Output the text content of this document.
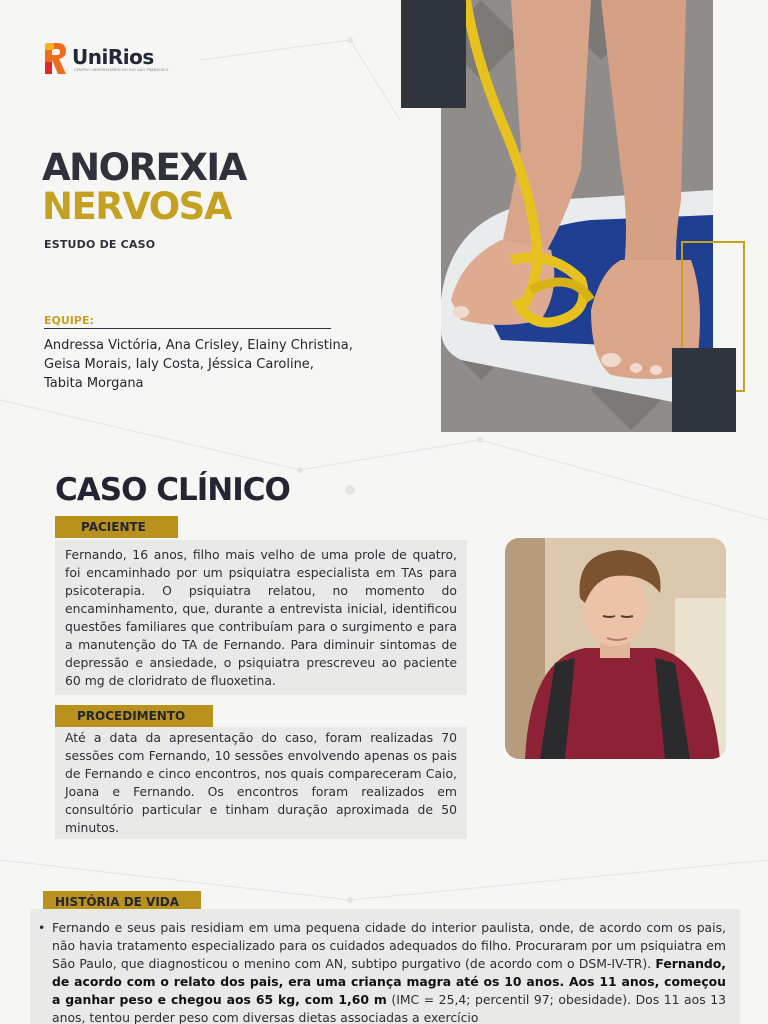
UniRios
CENTRO UNIVERSITÁRIO DO RIO SÃO FRANCISCO
ANOREXIA
NERVOSA
ESTUDO DE CASO
EQUIPE:
Andressa Victória, Ana Crisley, Elainy Christina, Geisa Morais, Ialy Costa, Jéssica Caroline, Tabita Morgana
CASO CLÍNICO
PACIENTE
Fernando, 16 anos, filho mais velho de uma prole de quatro, foi encaminhado por um psiquiatra especialista em TAs para psicoterapia. O psiquiatra relatou, no momento do encaminhamento, que, durante a entrevista inicial, identificou questões familiares que contribuíam para o surgimento e para a manutenção do TA de Fernando. Para diminuir sintomas de depressão e ansiedade, o psiquiatra prescreveu ao paciente 60 mg de cloridrato de fluoxetina.
PROCEDIMENTO
Até a data da apresentação do caso, foram realizadas 70 sessões com Fernando, 10 sessões envolvendo apenas os pais de Fernando e cinco encontros, nos quais compareceram Caio, Joana e Fernando. Os encontros foram realizados em consultório particular e tinham duração aproximada de 50 minutos.
HISTÓRIA DE VIDA
• Fernando e seus pais residiam em uma pequena cidade do interior paulista, onde, de acordo com os pais, não havia tratamento especializado para os cuidados adequados do filho. Procuraram por um psiquiatra em São Paulo, que diagnosticou o menino com AN, subtipo purgativo (de acordo com o DSM-IV-TR). Fernando, de acordo com o relato dos pais, era uma criança magra até os 10 anos. Aos 11 anos, começou a ganhar peso e chegou aos 65 kg, com 1,60 m (IMC = 25,4; percentil 97; obesidade). Dos 11 aos 13 anos, tentou perder peso com diversas dietas associadas a exercício
